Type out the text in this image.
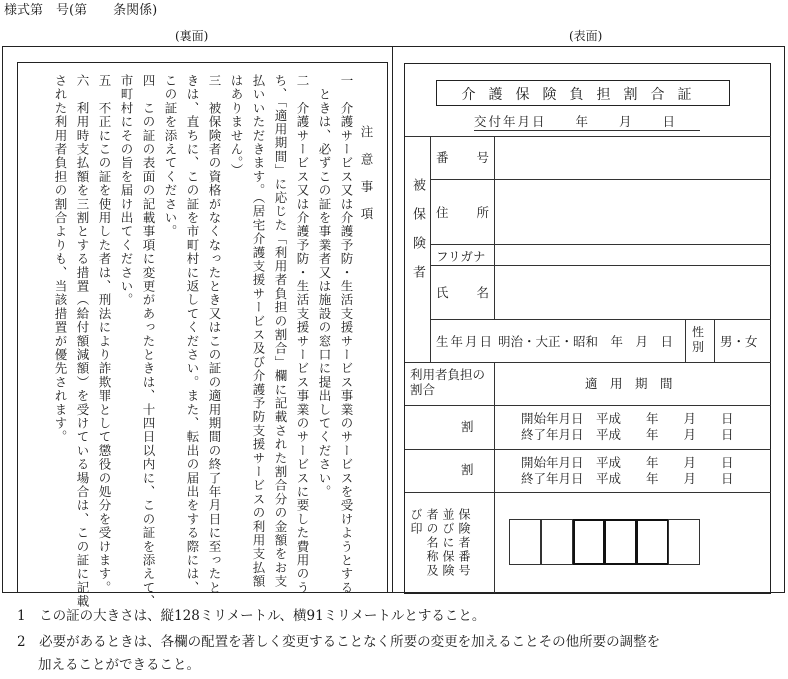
様式第　号(第　　条関係)
(裏面)	(表面)
注　意　事　項
一　介護サービス又は介護予防・生活支援サービス事業のサービスを受けようとする
　ときは、必ずこの証を事業者又は施設の窓口に提出してください。
二　介護サービス又は介護予防・生活支援サービス事業のサービスに要した費用のう
ち、「適用期間」に応じた「利用者負担の割合」欄に記載された割合分の金額をお支
払いいただきます。（居宅介護支援サービス及び介護予防支援サービスの利用支払額
はありません。）
三　被保険者の資格がなくなったとき又はこの証の適用期間の終了年月日に至ったと
きは、直ちに、この証を市町村に返してください。また、転出の届出をする際には、
この証を添えてください。
四　この証の表面の記載事項に変更があったときは、十四日以内に、この証を添えて、
市町村にその旨を届け出てください。
五　不正にこの証を使用した者は、刑法により詐欺罪として懲役の処分を受けます。
六　利用時支払額を三割とする措置（給付額減額）を受けている場合は、この証に記載
された利用者負担の割合よりも、当該措置が優先されます。	介護保険負担割合証
交付年月日　　年　　月　　日
被保険者
番　　号
住　　所
フリガナ
氏　　名
生年月日 明治・大正・昭和　年　月　日
性別	男・女
利用者負担の割合	適　用　期　間
割
開始年月日　平成　　年　　月　　日
終了年月日　平成　　年　　月　　日
割	開始年月日　平成　　年　　月　　日
終了年月日　平成　　年　　月　　日
保険者番号並びに保険者の名称及び印
1　この証の大きさは、縦128ミリメートル、横91ミリメートルとすること。
2　必要があるときは、各欄の配置を著しく変更することなく所要の変更を加えることその他所要の調整を
加えることができること。
